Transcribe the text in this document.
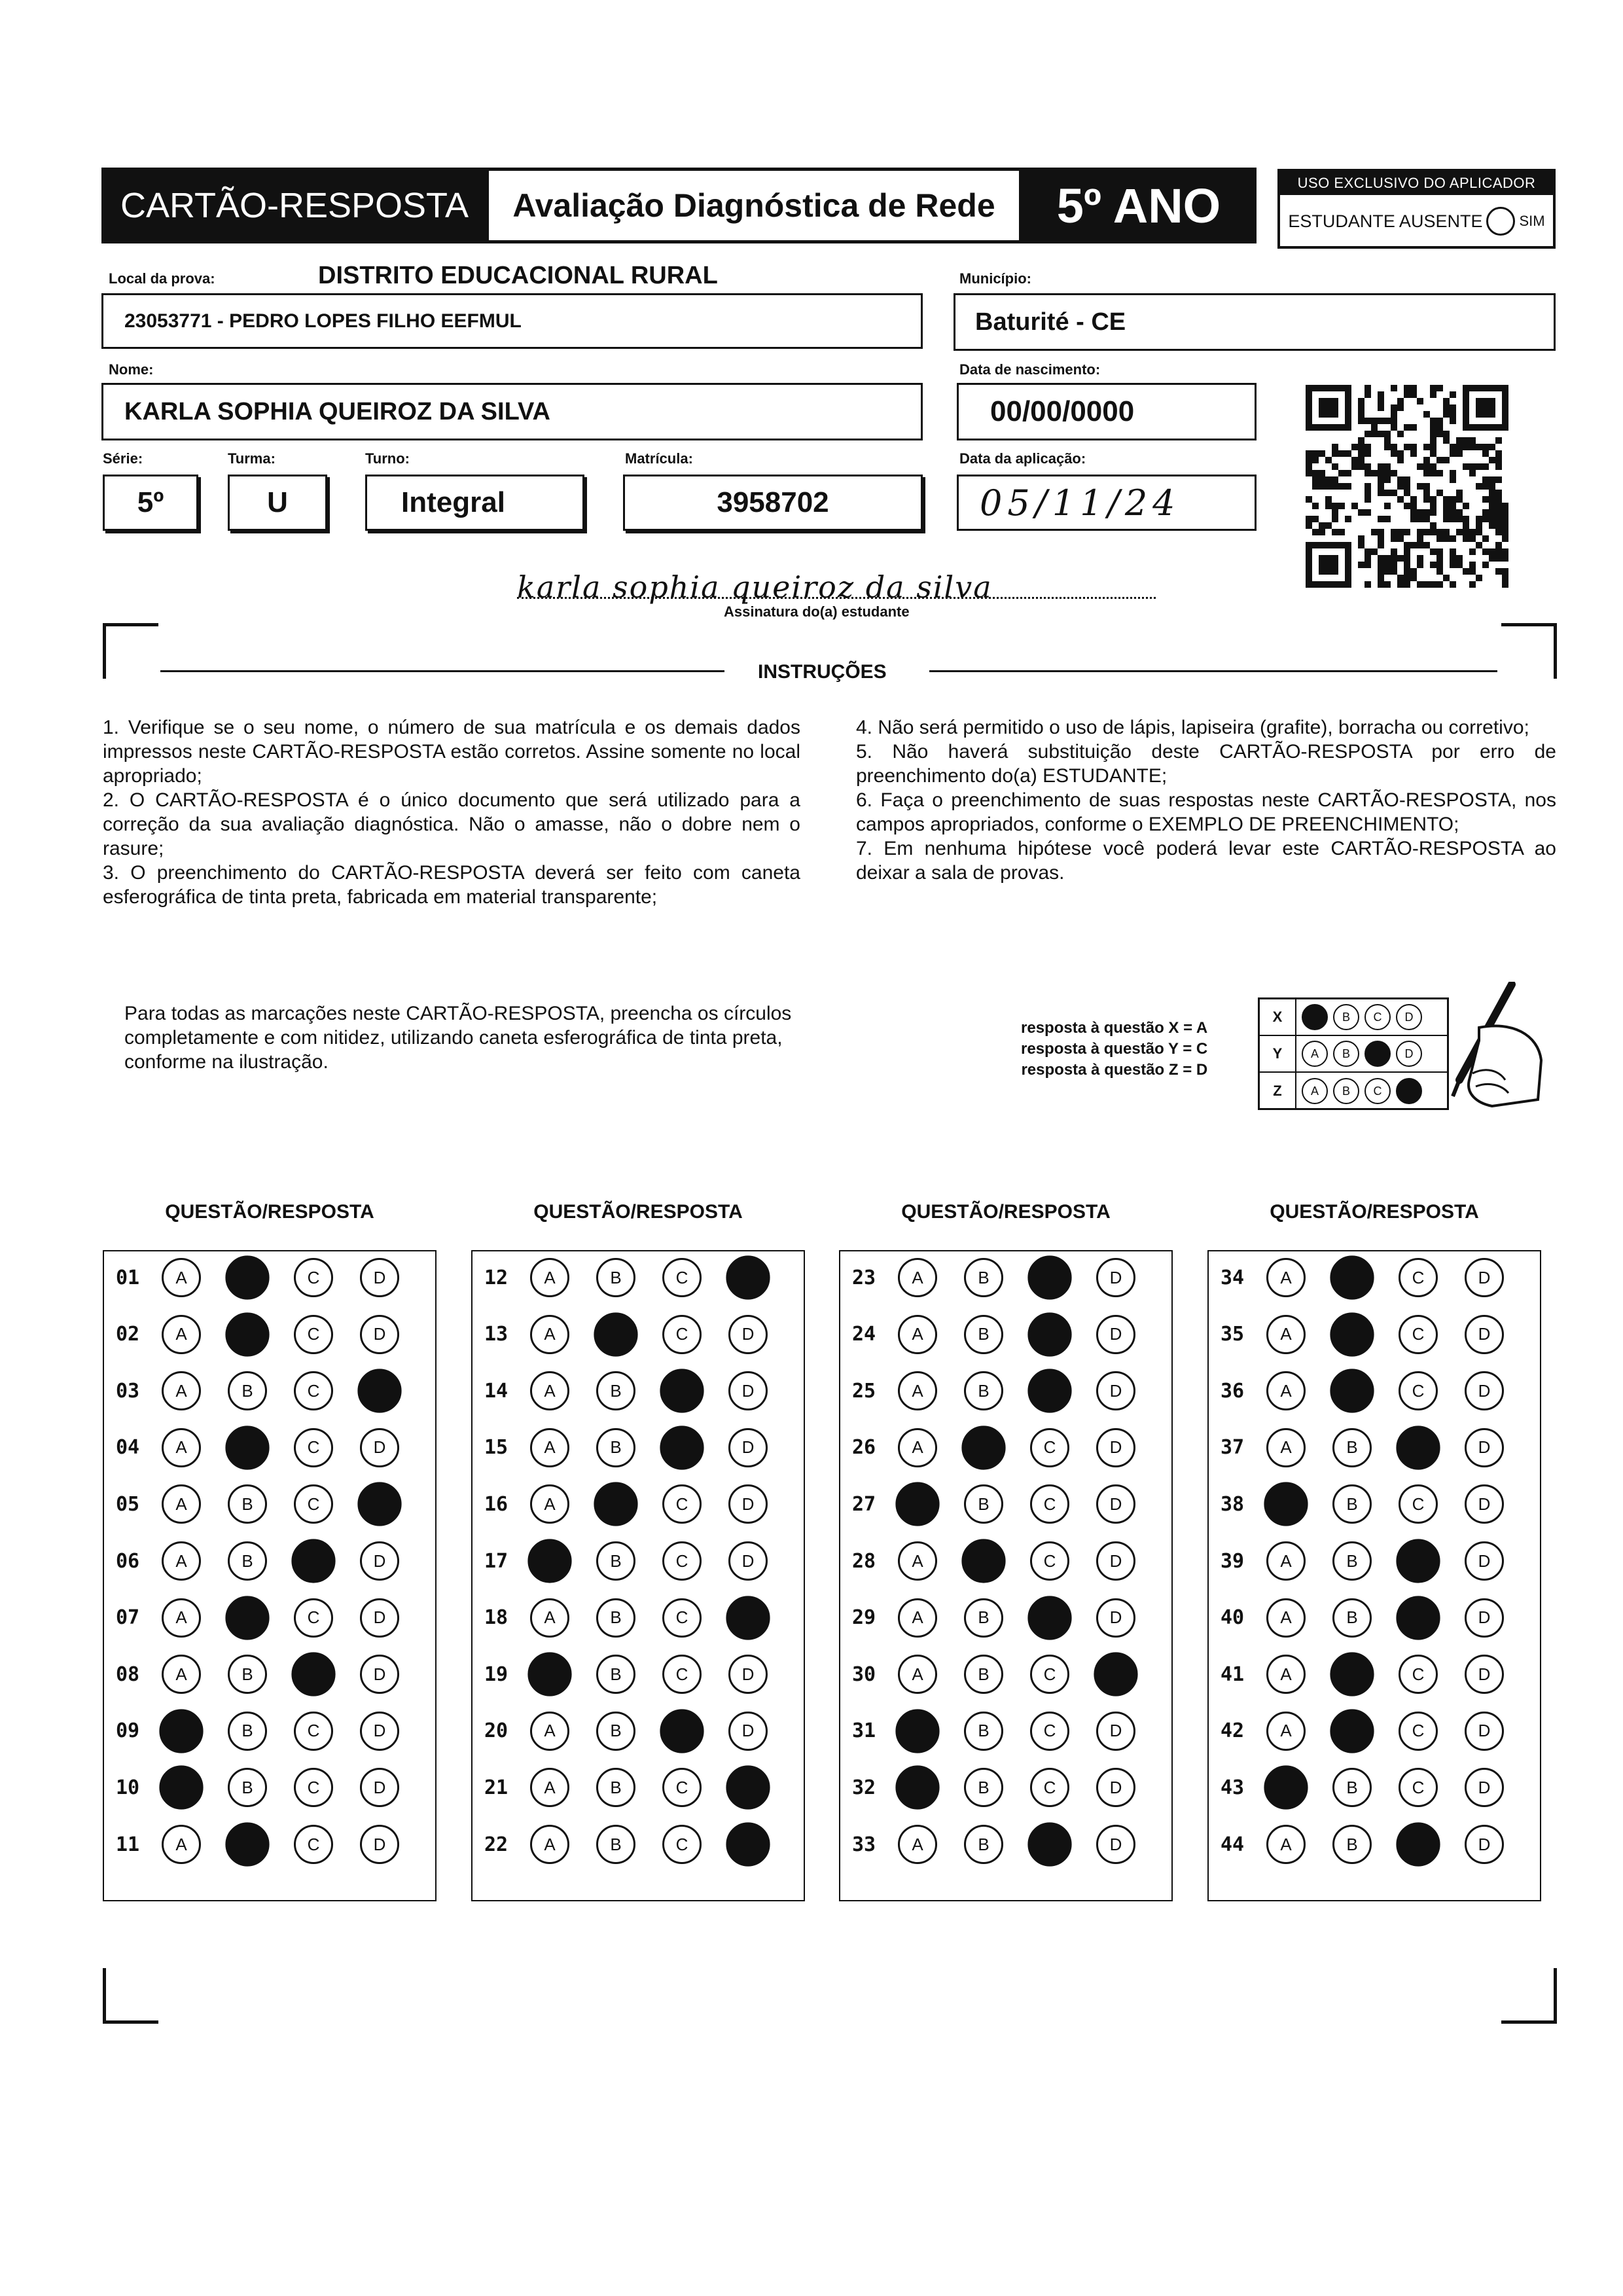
CARTÃO-RESPOSTA	Avaliação Diagnóstica de Rede	5º ANO	USO EXCLUSIVO DO APLICADOR
ESTUDANTE AUSENTE	SIM
Local da prova:	DISTRITO EDUCACIONAL RURAL
23053771 - PEDRO LOPES FILHO EEFMUL
Município:
Baturité - CE
Nome:
KARLA SOPHIA QUEIROZ DA SILVA
Data de nascimento:
00/00/0000
Série:
5º
Turma:
U
Turno:
Integral
Matrícula:
3958702
Data da aplicação:
05/11/24
karla sophia queiroz da silva
Assinatura do(a) estudante
INSTRUÇÕES

1. Verifique se o seu nome, o número de sua matrícula e os demais dados impressos neste CARTÃO-RESPOSTA estão corretos. Assine somente no local apropriado;

2. O CARTÃO-RESPOSTA é o único documento que será utilizado para a correção da sua avaliação diagnóstica. Não o amasse, não o dobre nem o rasure;

3. O preenchimento do CARTÃO-RESPOSTA deverá ser feito com caneta esferográfica de tinta preta, fabricada em material transparente;

4. Não será permitido o uso de lápis, lapiseira (grafite), borracha ou corretivo;

5. Não haverá substituição deste CARTÃO-RESPOSTA por erro de preenchimento do(a) ESTUDANTE;

6. Faça o preenchimento de suas respostas neste CARTÃO-RESPOSTA, nos campos apropriados, conforme o EXEMPLO DE PREENCHIMENTO;

7. Em nenhuma hipótese você poderá levar este CARTÃO-RESPOSTA ao deixar a sala de provas.

Para todas as marcações neste CARTÃO-RESPOSTA, preencha os círculos completamente e com nitidez, utilizando caneta esferográfica de tinta preta, conforme na ilustração.
resposta à questão X = A
resposta à questão Y = C
resposta à questão Z = D
X	B	C	D
Y	A	B	D
Z	A	B	C
QUESTÃO/RESPOSTA
01	A	C	D
02	A	C	D
03	A	B	C
04	A	C	D
05	A	B	C
06	A	B	D
07	A	C	D
08	A	B	D
09	B	C	D
10	B	C	D
11	A	C	D
QUESTÃO/RESPOSTA
12	A	B	C
13	A	C	D
14	A	B	D
15	A	B	D
16	A	C	D
17	B	C	D
18	A	B	C
19	B	C	D
20	A	B	D
21	A	B	C
22	A	B	C
QUESTÃO/RESPOSTA
23	A	B	D
24	A	B	D
25	A	B	D
26	A	C	D
27	B	C	D
28	A	C	D
29	A	B	D
30	A	B	C
31	B	C	D
32	B	C	D
33	A	B	D
QUESTÃO/RESPOSTA
34	A	C	D
35	A	C	D
36	A	C	D
37	A	B	D
38	B	C	D
39	A	B	D
40	A	B	D
41	A	C	D
42	A	C	D
43	B	C	D
44	A	B	D
